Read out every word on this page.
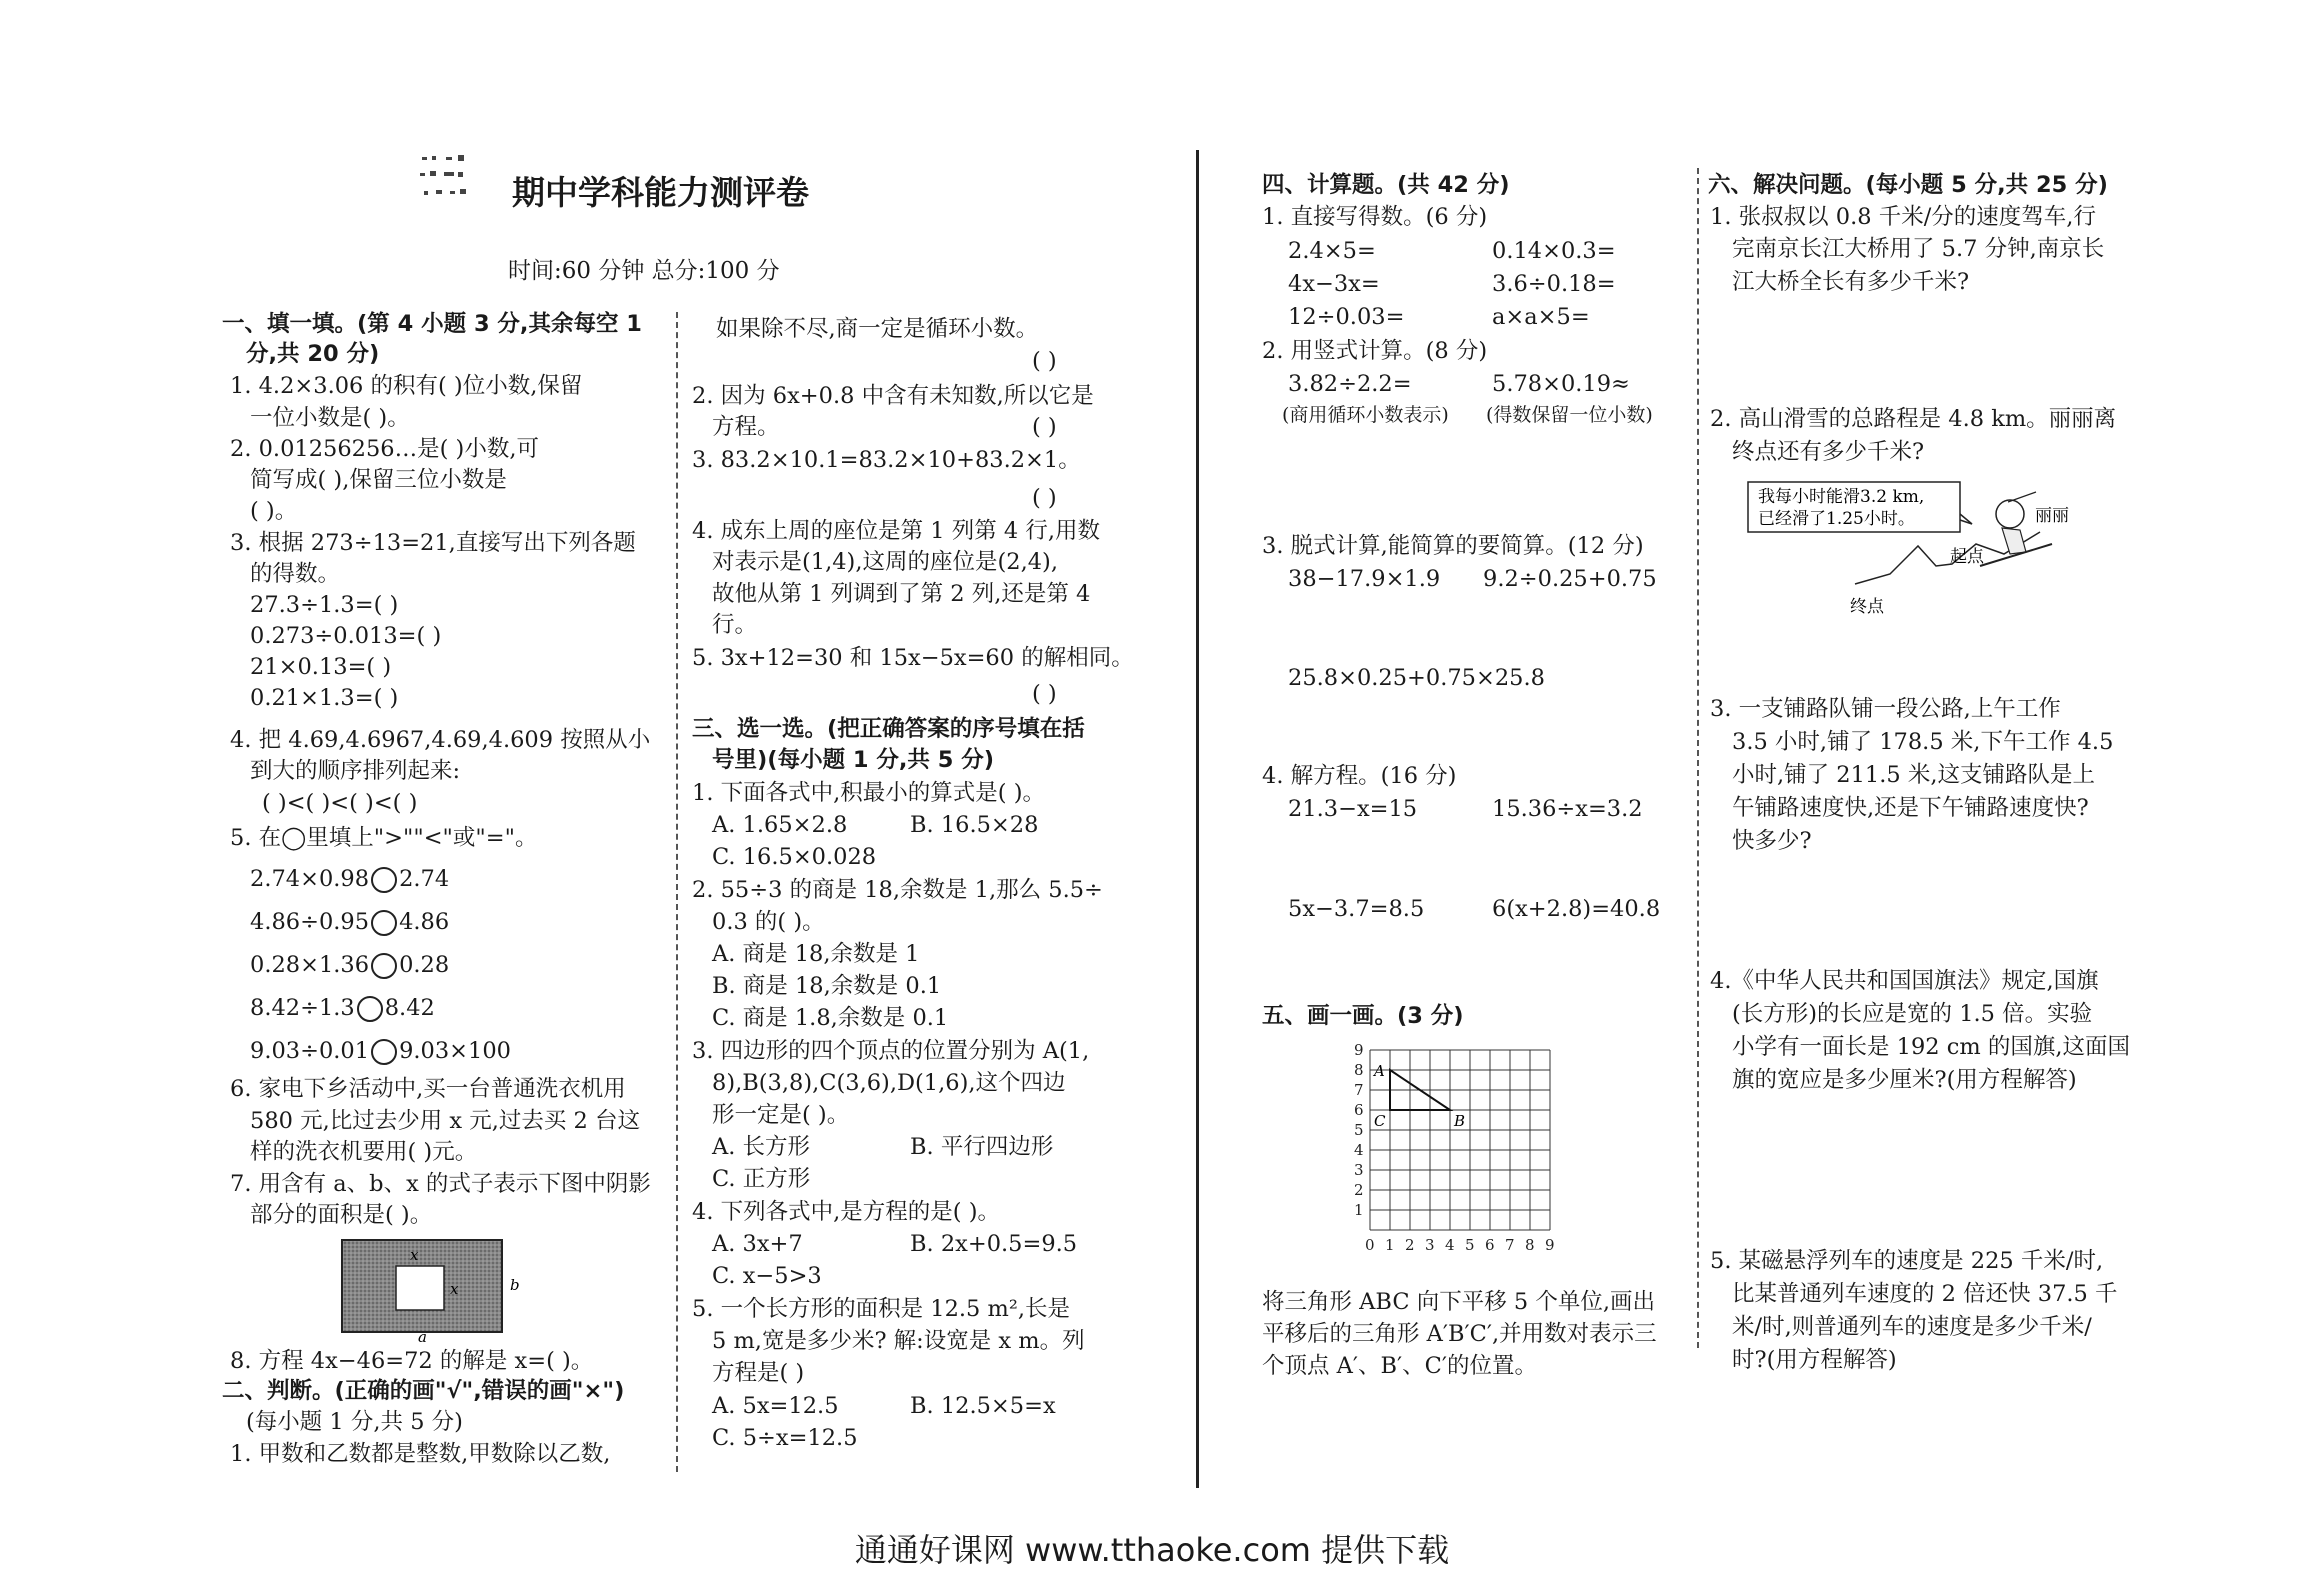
期中学科能力测评卷
时间:60 分钟 总分:100 分
一、填一填。(第 4 小题 3 分,其余每空 1
分,共 20 分)
1. 4.2×3.06 的积有( )位小数,保留
一位小数是( )。
2. 0.01256256…是( )小数,可
简写成( ),保留三位小数是
( )。
3. 根据 273÷13=21,直接写出下列各题
的得数。
27.3÷1.3=( )
0.273÷0.013=( )
21×0.13=( )
0.21×1.3=( )
4. 把 4.69,4.6967,4.69,4.609 按照从小
到大的顺序排列起来:
( )<( )<( )<( )
5. 在◯里填上">""<"或"="。
2.74×0.98 2.74
4.86÷0.95 4.86
0.28×1.36 0.28
8.42÷1.3 8.42
9.03÷0.01 9.03×100
6. 家电下乡活动中,买一台普通洗衣机用
580 元,比过去少用 x 元,过去买 2 台这
样的洗衣机要用( )元。
7. 用含有 a、b、x 的式子表示下图中阴影
部分的面积是( )。
x
x	b
a
8. 方程 4x−46=72 的解是 x=( )。
二、判断。(正确的画"√",错误的画"×")
(每小题 1 分,共 5 分)
1. 甲数和乙数都是整数,甲数除以乙数,
如果除不尽,商一定是循环小数。
( )
2. 因为 6x+0.8 中含有未知数,所以它是
方程。	( )
3. 83.2×10.1=83.2×10+83.2×1。
( )
4. 成东上周的座位是第 1 列第 4 行,用数
对表示是(1,4),这周的座位是(2,4),
故他从第 1 列调到了第 2 列,还是第 4
行。
5. 3x+12=30 和 15x−5x=60 的解相同。
( )
三、选一选。(把正确答案的序号填在括
号里)(每小题 1 分,共 5 分)
1. 下面各式中,积最小的算式是( )。
A. 1.65×2.8	B. 16.5×28
C. 16.5×0.028
2. 55÷3 的商是 18,余数是 1,那么 5.5÷
0.3 的( )。
A. 商是 18,余数是 1
B. 商是 18,余数是 0.1
C. 商是 1.8,余数是 0.1
3. 四边形的四个顶点的位置分别为 A(1,
8),B(3,8),C(3,6),D(1,6),这个四边
形一定是( )。
A. 长方形	B. 平行四边形
C. 正方形
4. 下列各式中,是方程的是( )。
A. 3x+7	B. 2x+0.5=9.5
C. x−5>3
5. 一个长方形的面积是 12.5 m²,长是
5 m,宽是多少米? 解:设宽是 x m。列
方程是( )
A. 5x=12.5	B. 12.5×5=x
C. 5÷x=12.5
四、计算题。(共 42 分)
1. 直接写得数。(6 分)
2.4×5=	0.14×0.3=
4x−3x=	3.6÷0.18=
12÷0.03=	a×a×5=
2. 用竖式计算。(8 分)
3.82÷2.2=	5.78×0.19≈
(商用循环小数表示) (得数保留一位小数)
3. 脱式计算,能简算的要简算。(12 分)
38−17.9×1.9 9.2÷0.25+0.75
25.8×0.25+0.75×25.8
4. 解方程。(16 分)
21.3−x=15	15.36÷x=3.2
5x−3.7=8.5	6(x+2.8)=40.8
五、画一画。(3 分)
0 1 2 3 4 5 6 7 8 9
9
8
7
6
5
4
3
2
1
A
B
C
将三角形 ABC 向下平移 5 个单位,画出
平移后的三角形 A′B′C′,并用数对表示三
个顶点 A′、B′、C′的位置。
六、解决问题。(每小题 5 分,共 25 分)
1. 张叔叔以 0.8 千米/分的速度驾车,行
完南京长江大桥用了 5.7 分钟,南京长
江大桥全长有多少千米?
2. 高山滑雪的总路程是 4.8 km。丽丽离
终点还有多少千米?
我每小时能滑3.2 km,
已经滑了1.25小时。	丽丽
起点
终点
3. 一支铺路队铺一段公路,上午工作
3.5 小时,铺了 178.5 米,下午工作 4.5
小时,铺了 211.5 米,这支铺路队是上
午铺路速度快,还是下午铺路速度快?
快多少?
4.《中华人民共和国国旗法》规定,国旗
(长方形)的长应是宽的 1.5 倍。实验
小学有一面长是 192 cm 的国旗,这面国
旗的宽应是多少厘米?(用方程解答)
5. 某磁悬浮列车的速度是 225 千米/时,
比某普通列车速度的 2 倍还快 37.5 千
米/时,则普通列车的速度是多少千米/
时?(用方程解答)
通通好课网 www.tthaoke.com 提供下载
